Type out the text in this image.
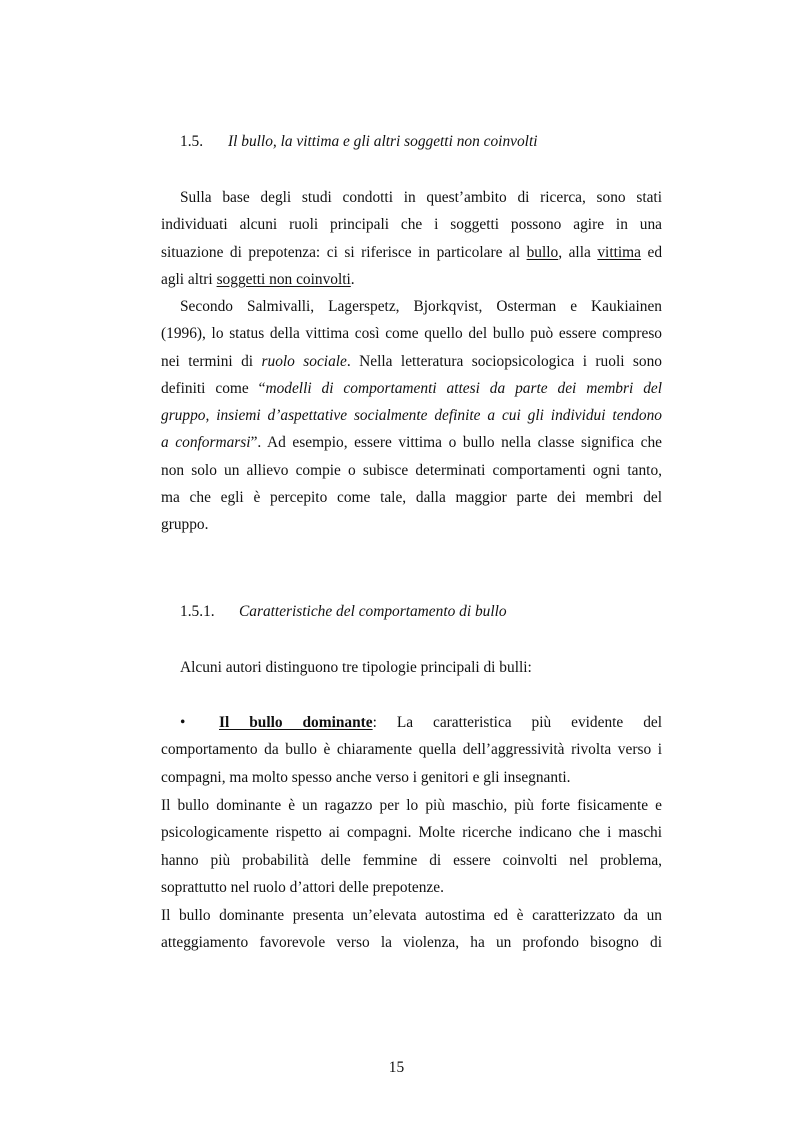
1.5. Il bullo, la vittima e gli altri soggetti non coinvolti
Sulla base degli studi condotti in quest’ambito di ricerca, sono stati
individuati alcuni ruoli principali che i soggetti possono agire in una
situazione di prepotenza: ci si riferisce in particolare al bullo, alla vittima ed
agli altri soggetti non coinvolti.
Secondo Salmivalli, Lagerspetz, Bjorkqvist, Osterman e Kaukiainen
(1996), lo status della vittima così come quello del bullo può essere compreso
nei termini di ruolo sociale. Nella letteratura sociopsicologica i ruoli sono
definiti come “modelli di comportamenti attesi da parte dei membri del
gruppo, insiemi d’aspettative socialmente definite a cui gli individui tendono
a conformarsi”. Ad esempio, essere vittima o bullo nella classe significa che
non solo un allievo compie o subisce determinati comportamenti ogni tanto,
ma che egli è percepito come tale, dalla maggior parte dei membri del
gruppo.
1.5.1. Caratteristiche del comportamento di bullo
Alcuni autori distinguono tre tipologie principali di bulli:
• Il bullo dominante: La caratteristica più evidente del
comportamento da bullo è chiaramente quella dell’aggressività rivolta verso i
compagni, ma molto spesso anche verso i genitori e gli insegnanti.
Il bullo dominante è un ragazzo per lo più maschio, più forte fisicamente e
psicologicamente rispetto ai compagni. Molte ricerche indicano che i maschi
hanno più probabilità delle femmine di essere coinvolti nel problema,
soprattutto nel ruolo d’attori delle prepotenze.
Il bullo dominante presenta un’elevata autostima ed è caratterizzato da un
atteggiamento favorevole verso la violenza, ha un profondo bisogno di
15
